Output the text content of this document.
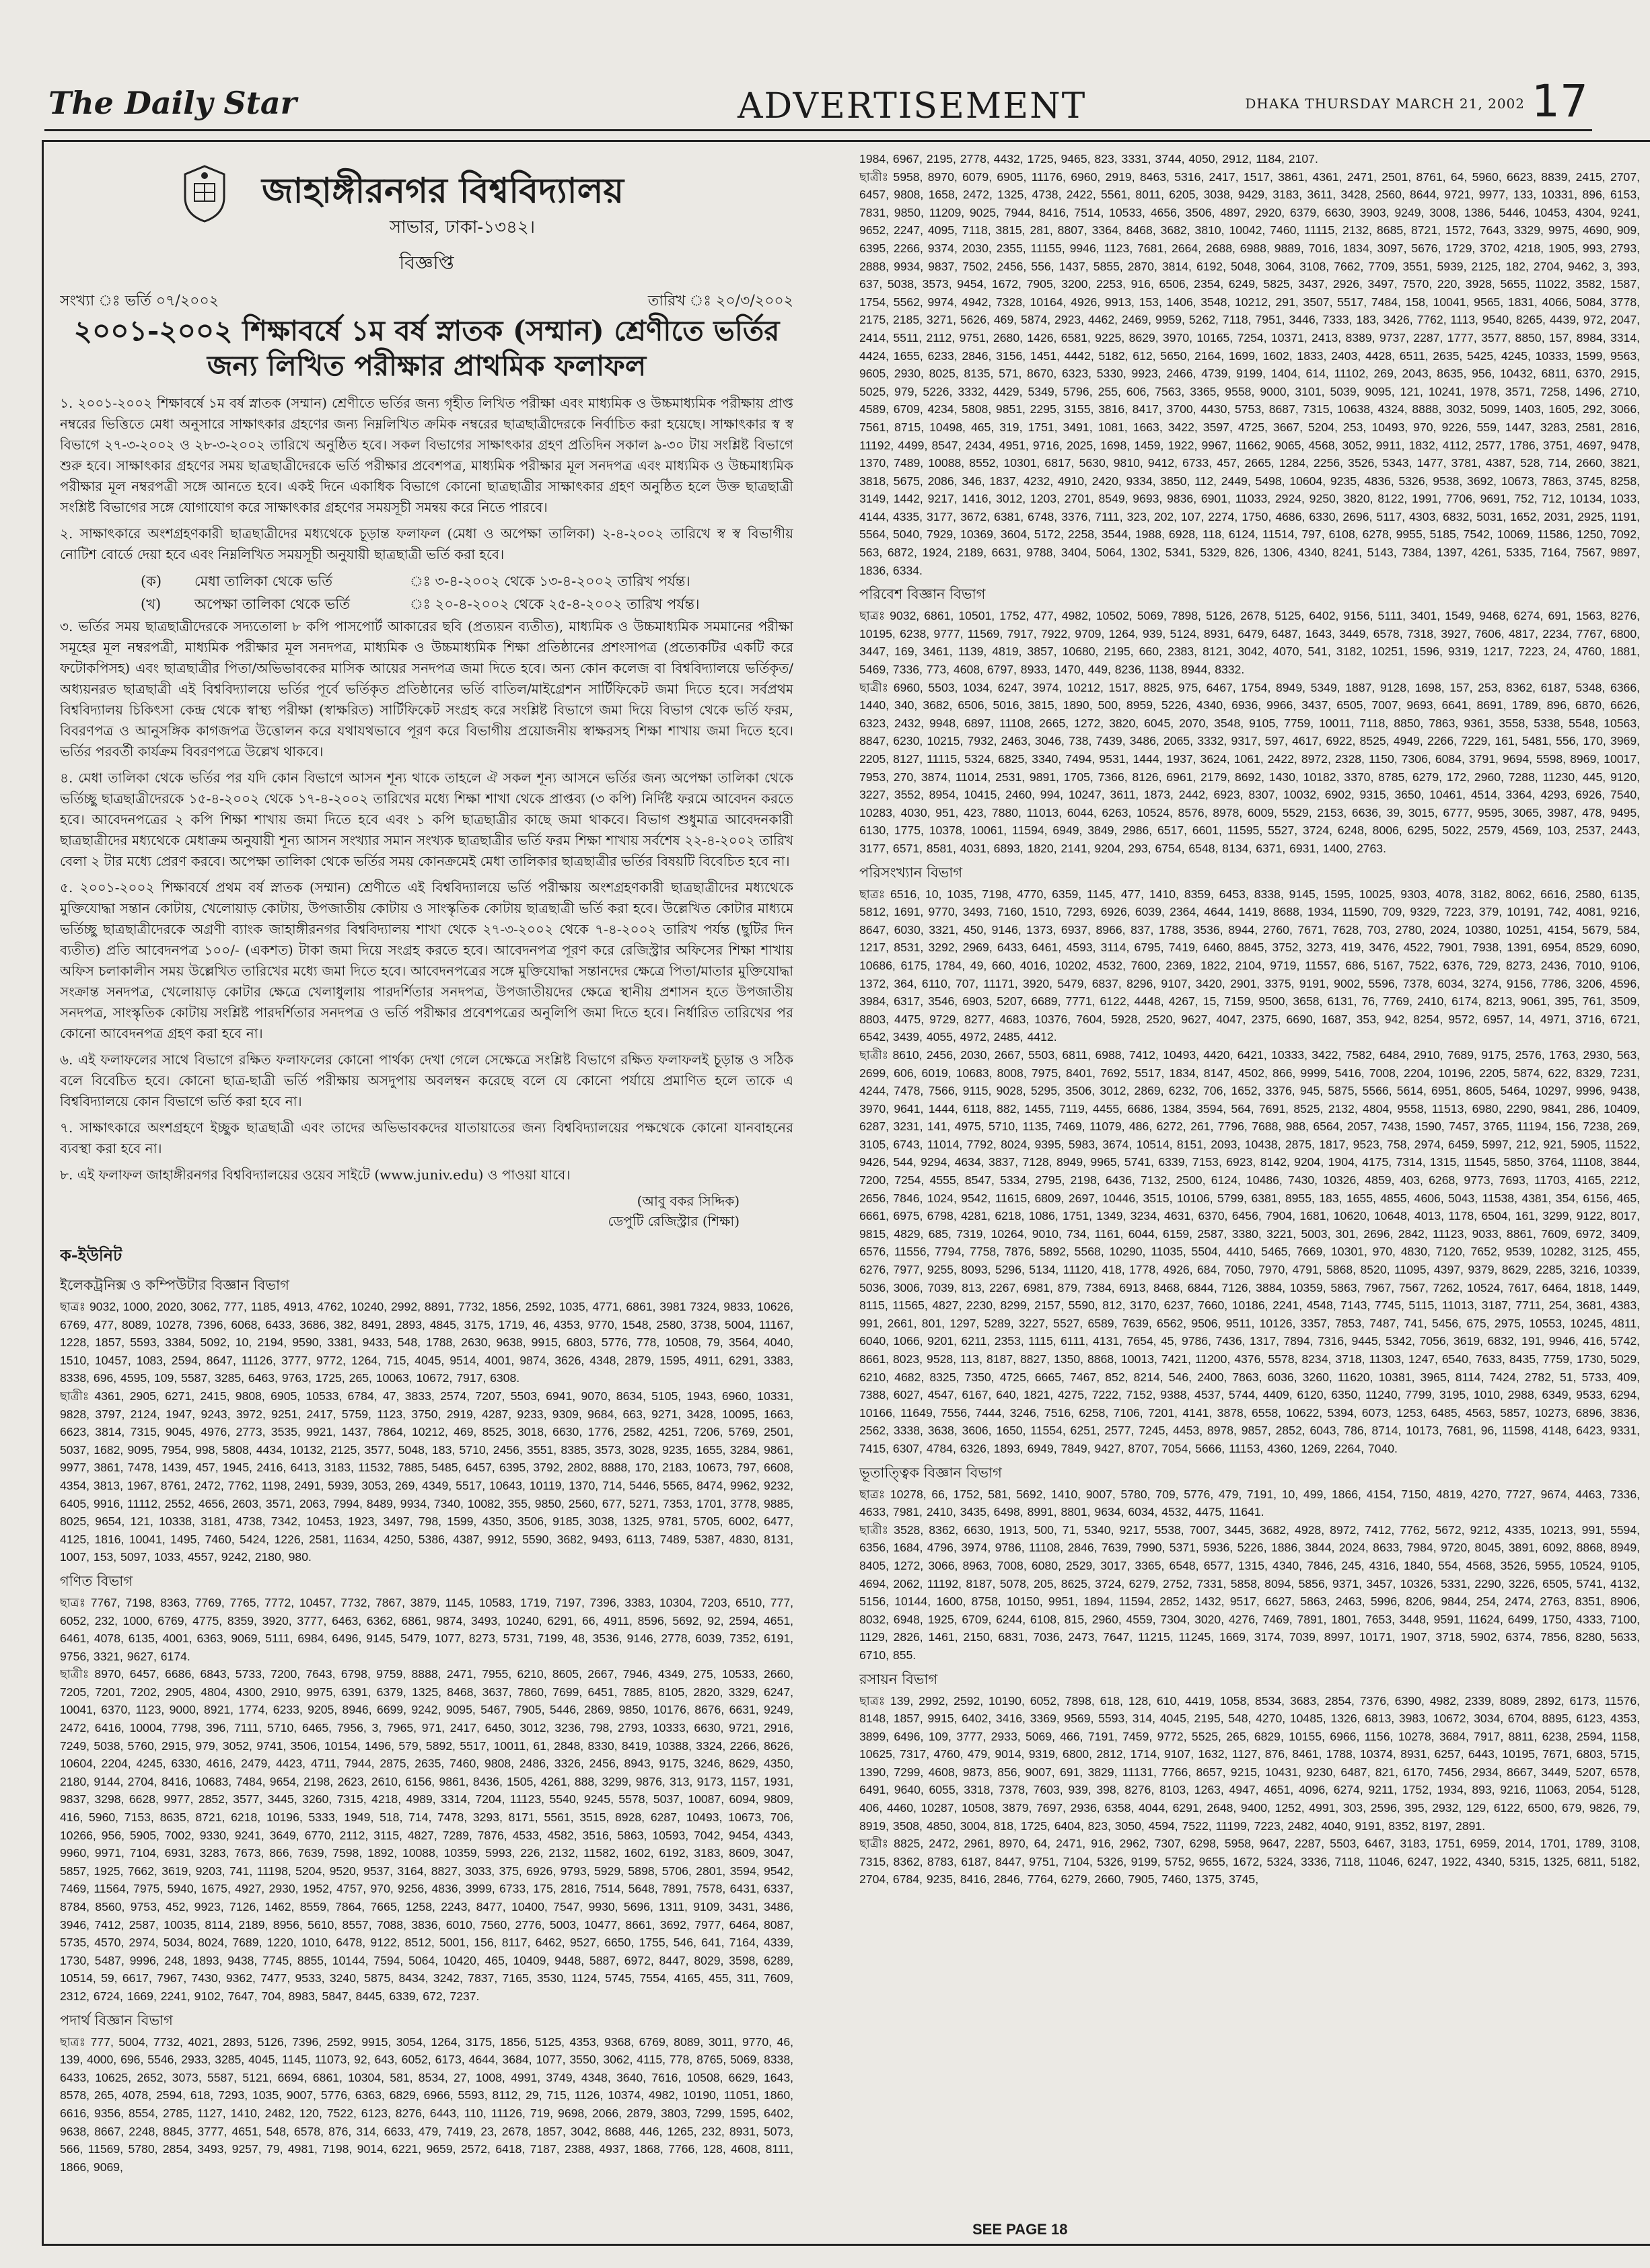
The Daily Star	ADVERTISEMENT	DHAKA THURSDAY MARCH 21, 2002 17
জাহাঙ্গীরনগর বিশ্ববিদ্যালয়
সাভার, ঢাকা-১৩৪২।
বিজ্ঞপ্তি
সংখ্যা ঃ ভর্তি ০৭/২০০২	তারিখ ঃ ২০/৩/২০০২
২০০১-২০০২ শিক্ষাবর্ষে ১ম বর্ষ স্নাতক (সম্মান) শ্রেণীতে ভর্তির জন্য লিখিত পরীক্ষার প্রাথমিক ফলাফল

১. ২০০১-২০০২ শিক্ষাবর্ষে ১ম বর্ষ স্নাতক (সম্মান) শ্রেণীতে ভর্তির জন্য গৃহীত লিখিত পরীক্ষা এবং মাধ্যমিক ও উচ্চমাধ্যমিক পরীক্ষায় প্রাপ্ত নম্বরের ভিত্তিতে মেধা অনুসারে সাক্ষাৎকার গ্রহণের জন্য নিম্নলিখিত ক্রমিক নম্বরের ছাত্রছাত্রীদেরকে নির্বাচিত করা হয়েছে। সাক্ষাৎকার স্ব স্ব বিভাগে ২৭-৩-২০০২ ও ২৮-৩-২০০২ তারিখে অনুষ্ঠিত হবে। সকল বিভাগের সাক্ষাৎকার গ্রহণ প্রতিদিন সকাল ৯-৩০ টায় সংশ্লিষ্ট বিভাগে শুরু হবে। সাক্ষাৎকার গ্রহণের সময় ছাত্রছাত্রীদেরকে ভর্তি পরীক্ষার প্রবেশপত্র, মাধ্যমিক পরীক্ষার মূল সনদপত্র এবং মাধ্যমিক ও উচ্চমাধ্যমিক পরীক্ষার মূল নম্বরপত্রী সঙ্গে আনতে হবে। একই দিনে একাধিক বিভাগে কোনো ছাত্রছাত্রীর সাক্ষাৎকার গ্রহণ অনুষ্ঠিত হলে উক্ত ছাত্রছাত্রী সংশ্লিষ্ট বিভাগের সঙ্গে যোগাযোগ করে সাক্ষাৎকার গ্রহণের সময়সূচী সমন্বয় করে নিতে পারবে।

২. সাক্ষাৎকারে অংশগ্রহণকারী ছাত্রছাত্রীদের মধ্যথেকে চূড়ান্ত ফলাফল (মেধা ও অপেক্ষা তালিকা) ২-৪-২০০২ তারিখে স্ব স্ব বিভাগীয় নোটিশ বোর্ডে দেয়া হবে এবং নিম্নলিখিত সময়সূচী অনুযায়ী ছাত্রছাত্রী ভর্তি করা হবে।

(ক) মেধা তালিকা থেকে ভর্তি	ঃ ৩-৪-২০০২ থেকে ১৩-৪-২০০২ তারিখ পর্যন্ত।
(খ) অপেক্ষা তালিকা থেকে ভর্তি	ঃ ২০-৪-২০০২ থেকে ২৫-৪-২০০২ তারিখ পর্যন্ত।

৩. ভর্তির সময় ছাত্রছাত্রীদেরকে সদ্যতোলা ৮ কপি পাসপোর্ট আকারের ছবি (প্রত্যয়ন ব্যতীত), মাধ্যমিক ও উচ্চমাধ্যমিক সমমানের পরীক্ষা সমূহের মূল নম্বরপত্রী, মাধ্যমিক পরীক্ষার মূল সনদপত্র, মাধ্যমিক ও উচ্চমাধ্যমিক শিক্ষা প্রতিষ্ঠানের প্রশংসাপত্র (প্রত্যেকটির একটি করে ফটোকপিসহ) এবং ছাত্রছাত্রীর পিতা/অভিভাবকের মাসিক আয়ের সনদপত্র জমা দিতে হবে। অন্য কোন কলেজ বা বিশ্ববিদ্যালয়ে ভর্তিকৃত/অধ্যয়নরত ছাত্রছাত্রী এই বিশ্ববিদ্যালয়ে ভর্তির পূর্বে ভর্তিকৃত প্রতিষ্ঠানের ভর্তি বাতিল/মাইগ্রেশন সার্টিফিকেট জমা দিতে হবে। সর্বপ্রথম বিশ্ববিদ্যালয় চিকিৎসা কেন্দ্র থেকে স্বাস্থ্য পরীক্ষা (স্বাক্ষরিত) সার্টিফিকেট সংগ্রহ করে সংশ্লিষ্ট বিভাগে জমা দিয়ে বিভাগ থেকে ভর্তি ফরম, বিবরণপত্র ও আনুসঙ্গিক কাগজপত্র উত্তোলন করে যথাযথভাবে পূরণ করে বিভাগীয় প্রয়োজনীয় স্বাক্ষরসহ শিক্ষা শাখায় জমা দিতে হবে। ভর্তির পরবর্তী কার্যক্রম বিবরণপত্রে উল্লেখ থাকবে।

৪. মেধা তালিকা থেকে ভর্তির পর যদি কোন বিভাগে আসন শূন্য থাকে তাহলে ঐ সকল শূন্য আসনে ভর্তির জন্য অপেক্ষা তালিকা থেকে ভর্তিচ্ছু ছাত্রছাত্রীদেরকে ১৫-৪-২০০২ থেকে ১৭-৪-২০০২ তারিখের মধ্যে শিক্ষা শাখা থেকে প্রাপ্তব্য (৩ কপি) নির্দিষ্ট ফরমে আবেদন করতে হবে। আবেদনপত্রের ২ কপি শিক্ষা শাখায় জমা দিতে হবে এবং ১ কপি ছাত্রছাত্রীর কাছে জমা থাকবে। বিভাগ শুধুমাত্র আবেদনকারী ছাত্রছাত্রীদের মধ্যথেকে মেধাক্রম অনুযায়ী শূন্য আসন সংখ্যার সমান সংখ্যক ছাত্রছাত্রীর ভর্তি ফরম শিক্ষা শাখায় সর্বশেষ ২২-৪-২০০২ তারিখ বেলা ২ টার মধ্যে প্রেরণ করবে। অপেক্ষা তালিকা থেকে ভর্তির সময় কোনক্রমেই মেধা তালিকার ছাত্রছাত্রীর ভর্তির বিষয়টি বিবেচিত হবে না।

৫. ২০০১-২০০২ শিক্ষাবর্ষে প্রথম বর্ষ স্নাতক (সম্মান) শ্রেণীতে এই বিশ্ববিদ্যালয়ে ভর্তি পরীক্ষায় অংশগ্রহণকারী ছাত্রছাত্রীদের মধ্যথেকে মুক্তিযোদ্ধা সন্তান কোটায়, খেলোয়াড় কোটায়, উপজাতীয় কোটায় ও সাংস্কৃতিক কোটায় ছাত্রছাত্রী ভর্তি করা হবে। উল্লেখিত কোটার মাধ্যমে ভর্তিচ্ছু ছাত্রছাত্রীদেরকে অগ্রণী ব্যাংক জাহাঙ্গীরনগর বিশ্ববিদ্যালয় শাখা থেকে ২৭-৩-২০০২ থেকে ৭-৪-২০০২ তারিখ পর্যন্ত (ছুটির দিন ব্যতীত) প্রতি আবেদনপত্র ১০০/- (একশত) টাকা জমা দিয়ে সংগ্রহ করতে হবে। আবেদনপত্র পূরণ করে রেজিস্ট্রার অফিসের শিক্ষা শাখায় অফিস চলাকালীন সময় উল্লেখিত তারিখের মধ্যে জমা দিতে হবে। আবেদনপত্রের সঙ্গে মুক্তিযোদ্ধা সন্তানদের ক্ষেত্রে পিতা/মাতার মুক্তিযোদ্ধা সংক্রান্ত সনদপত্র, খেলোয়াড় কোটার ক্ষেত্রে খেলাধুলায় পারদর্শিতার সনদপত্র, উপজাতীয়দের ক্ষেত্রে স্থানীয় প্রশাসন হতে উপজাতীয় সনদপত্র, সাংস্কৃতিক কোটায় সংশ্লিষ্ট পারদর্শিতার সনদপত্র ও ভর্তি পরীক্ষার প্রবেশপত্রের অনুলিপি জমা দিতে হবে। নির্ধারিত তারিখের পর কোনো আবেদনপত্র গ্রহণ করা হবে না।

৬. এই ফলাফলের সাথে বিভাগে রক্ষিত ফলাফলের কোনো পার্থক্য দেখা গেলে সেক্ষেত্রে সংশ্লিষ্ট বিভাগে রক্ষিত ফলাফলই চূড়ান্ত ও সঠিক বলে বিবেচিত হবে। কোনো ছাত্র-ছাত্রী ভর্তি পরীক্ষায় অসদুপায় অবলম্বন করেছে বলে যে কোনো পর্যায়ে প্রমাণিত হলে তাকে এ বিশ্ববিদ্যালয়ে কোন বিভাগে ভর্তি করা হবে না।

৭. সাক্ষাৎকারে অংশগ্রহণে ইচ্ছুক ছাত্রছাত্রী এবং তাদের অভিভাবকদের যাতায়াতের জন্য বিশ্ববিদ্যালয়ের পক্ষথেকে কোনো যানবাহনের ব্যবস্থা করা হবে না।

৮. এই ফলাফল জাহাঙ্গীরনগর বিশ্ববিদ্যালয়ের ওয়েব সাইটে (www.juniv.edu) ও পাওয়া যাবে।

(আবু বকর সিদ্দিক)
ডেপুটি রেজিস্ট্রার (শিক্ষা)
ক-ইউনিট
ইলেকট্রনিক্স ও কম্পিউটার বিজ্ঞান বিভাগ
ছাত্রঃ 9032, 1000, 2020, 3062, 777, 1185, 4913, 4762, 10240, 2992, 8891, 7732, 1856, 2592, 1035, 4771, 6861, 3981 7324, 9833, 10626, 6769, 477, 8089, 10278, 7396, 6068, 6433, 3686, 382, 8491, 2893, 4845, 3175, 1719, 46, 4353, 9770, 1548, 2580, 3738, 5004, 11167, 1228, 1857, 5593, 3384, 5092, 10, 2194, 9590, 3381, 9433, 548, 1788, 2630, 9638, 9915, 6803, 5776, 778, 10508, 79, 3564, 4040, 1510, 10457, 1083, 2594, 8647, 11126, 3777, 9772, 1264, 715, 4045, 9514, 4001, 9874, 3626, 4348, 2879, 1595, 4911, 6291, 3383, 8338, 696, 4595, 109, 5587, 3285, 6463, 9763, 1725, 265, 10063, 10672, 7917, 6308.
ছাত্রীঃ 4361, 2905, 6271, 2415, 9808, 6905, 10533, 6784, 47, 3833, 2574, 7207, 5503, 6941, 9070, 8634, 5105, 1943, 6960, 10331, 9828, 3797, 2124, 1947, 9243, 3972, 9251, 2417, 5759, 1123, 3750, 2919, 4287, 9233, 9309, 9684, 663, 9271, 3428, 10095, 1663, 6623, 3814, 7315, 9045, 4976, 2773, 3535, 9921, 1437, 7864, 10212, 469, 8525, 3018, 6630, 1776, 2582, 4251, 7206, 5769, 2501, 5037, 1682, 9095, 7954, 998, 5808, 4434, 10132, 2125, 3577, 5048, 183, 5710, 2456, 3551, 8385, 3573, 3028, 9235, 1655, 3284, 9861, 9977, 3861, 7478, 1439, 457, 1945, 2416, 6413, 3183, 11532, 7885, 5485, 6457, 6395, 3792, 2802, 8888, 170, 2183, 10673, 797, 6608, 4354, 3813, 1967, 8761, 2472, 7762, 1198, 2491, 5939, 3053, 269, 4349, 5517, 10643, 10119, 1370, 714, 5446, 5565, 8474, 9962, 9232, 6405, 9916, 11112, 2552, 4656, 2603, 3571, 2063, 7994, 8489, 9934, 7340, 10082, 355, 9850, 2560, 677, 5271, 7353, 1701, 3778, 9885, 8025, 9654, 121, 10338, 3181, 4738, 7342, 10453, 1923, 3497, 798, 1599, 4350, 3506, 9185, 3038, 1325, 9781, 5705, 6002, 6477, 4125, 1816, 10041, 1495, 7460, 5424, 1226, 2581, 11634, 4250, 5386, 4387, 9912, 5590, 3682, 9493, 6113, 7489, 5387, 4830, 8131, 1007, 153, 5097, 1033, 4557, 9242, 2180, 980.
গণিত বিভাগ
ছাত্রঃ 7767, 7198, 8363, 7769, 7765, 7772, 10457, 7732, 7867, 3879, 1145, 10583, 1719, 7197, 7396, 3383, 10304, 7203, 6510, 777, 6052, 232, 1000, 6769, 4775, 8359, 3920, 3777, 6463, 6362, 6861, 9874, 3493, 10240, 6291, 66, 4911, 8596, 5692, 92, 2594, 4651, 6461, 4078, 6135, 4001, 6363, 9069, 5111, 6984, 6496, 9145, 5479, 1077, 8273, 5731, 7199, 48, 3536, 9146, 2778, 6039, 7352, 6191, 9756, 3321, 9627, 6174.
ছাত্রীঃ 8970, 6457, 6686, 6843, 5733, 7200, 7643, 6798, 9759, 8888, 2471, 7955, 6210, 8605, 2667, 7946, 4349, 275, 10533, 2660, 7205, 7201, 7202, 2905, 4804, 4300, 2910, 9975, 6391, 6379, 1325, 8468, 3637, 7860, 7699, 6451, 7885, 8105, 2820, 3329, 6247, 10041, 6370, 1123, 9000, 8921, 1774, 6233, 9205, 8946, 6699, 9242, 9095, 5467, 7905, 5446, 2869, 9850, 10176, 8676, 6631, 9249, 2472, 6416, 10004, 7798, 396, 7111, 5710, 6465, 7956, 3, 7965, 971, 2417, 6450, 3012, 3236, 798, 2793, 10333, 6630, 9721, 2916, 7249, 5038, 5760, 2915, 979, 3052, 9741, 3506, 10154, 1496, 579, 5892, 5517, 10011, 61, 2848, 8330, 8419, 10388, 3324, 2266, 8626, 10604, 2204, 4245, 6330, 4616, 2479, 4423, 4711, 7944, 2875, 2635, 7460, 9808, 2486, 3326, 2456, 8943, 9175, 3246, 8629, 4350, 2180, 9144, 2704, 8416, 10683, 7484, 9654, 2198, 2623, 2610, 6156, 9861, 8436, 1505, 4261, 888, 3299, 9876, 313, 9173, 1157, 1931, 9837, 3298, 6628, 9977, 2852, 3577, 3445, 3260, 7315, 4218, 4989, 3314, 7204, 11123, 5540, 9245, 5578, 5037, 10087, 6094, 9809, 416, 5960, 7153, 8635, 8721, 6218, 10196, 5333, 1949, 518, 714, 7478, 3293, 8171, 5561, 3515, 8928, 6287, 10493, 10673, 706, 10266, 956, 5905, 7002, 9330, 9241, 3649, 6770, 2112, 3115, 4827, 7289, 7876, 4533, 4582, 3516, 5863, 10593, 7042, 9454, 4343, 9960, 9971, 7104, 6931, 3283, 7673, 866, 7639, 7598, 1892, 10088, 10359, 5993, 226, 2132, 11582, 1602, 6192, 3183, 8609, 3047, 5857, 1925, 7662, 3619, 9203, 741, 11198, 5204, 9520, 9537, 3164, 8827, 3033, 375, 6926, 9793, 5929, 5898, 5706, 2801, 3594, 9542, 7469, 11564, 7975, 5940, 1675, 4927, 2930, 1952, 4757, 970, 9256, 4836, 3999, 6733, 175, 2816, 7514, 5648, 7891, 7578, 6431, 6337, 8784, 8560, 9753, 452, 9923, 7126, 1462, 8559, 7864, 7665, 1258, 2243, 8477, 10400, 7547, 9930, 5696, 1311, 9109, 3431, 3486, 3946, 7412, 2587, 10035, 8114, 2189, 8956, 5610, 8557, 7088, 3836, 6010, 7560, 2776, 5003, 10477, 8661, 3692, 7977, 6464, 8087, 5735, 4570, 2974, 5034, 8024, 7689, 1220, 1010, 6478, 9122, 8512, 5001, 156, 8117, 6462, 9527, 6650, 1755, 546, 641, 7164, 4339, 1730, 5487, 9996, 248, 1893, 9438, 7745, 8855, 10144, 7594, 5064, 10420, 465, 10409, 9448, 5887, 6972, 8447, 8029, 3598, 6289, 10514, 59, 6617, 7967, 7430, 9362, 7477, 9533, 3240, 5875, 8434, 3242, 7837, 7165, 3530, 1124, 5745, 7554, 4165, 455, 311, 7609, 2312, 6724, 1669, 2241, 9102, 7647, 704, 8983, 5847, 8445, 6339, 672, 7237.
পদার্থ বিজ্ঞান বিভাগ
ছাত্রঃ 777, 5004, 7732, 4021, 2893, 5126, 7396, 2592, 9915, 3054, 1264, 3175, 1856, 5125, 4353, 9368, 6769, 8089, 3011, 9770, 46, 139, 4000, 696, 5546, 2933, 3285, 4045, 1145, 11073, 92, 643, 6052, 6173, 4644, 3684, 1077, 3550, 3062, 4115, 778, 8765, 5069, 8338, 6433, 10625, 2652, 3073, 5587, 5121, 6694, 6861, 10304, 581, 8534, 27, 1008, 4991, 3749, 4348, 3640, 7616, 10508, 6629, 1643, 8578, 265, 4078, 2594, 618, 7293, 1035, 9007, 5776, 6363, 6829, 6966, 5593, 8112, 29, 715, 1126, 10374, 4982, 10190, 11051, 1860, 6616, 9356, 8554, 2785, 1127, 1410, 2482, 120, 7522, 6123, 8276, 6443, 110, 11126, 719, 9698, 2066, 2879, 3803, 7299, 1595, 6402, 9638, 8667, 2248, 8845, 3777, 4651, 548, 6578, 876, 314, 6633, 479, 7419, 23, 2678, 1857, 3042, 8688, 446, 1265, 232, 8931, 5073, 566, 11569, 5780, 2854, 3493, 9257, 79, 4981, 7198, 9014, 6221, 9659, 2572, 6418, 7187, 2388, 4937, 1868, 7766, 128, 4608, 8111, 1866, 9069,
1984, 6967, 2195, 2778, 4432, 1725, 9465, 823, 3331, 3744, 4050, 2912, 1184, 2107.
ছাত্রীঃ 5958, 8970, 6079, 6905, 11176, 6960, 2919, 8463, 5316, 2417, 1517, 3861, 4361, 2471, 2501, 8761, 64, 5960, 6623, 8839, 2415, 2707, 6457, 9808, 1658, 2472, 1325, 4738, 2422, 5561, 8011, 6205, 3038, 9429, 3183, 3611, 3428, 2560, 8644, 9721, 9977, 133, 10331, 896, 6153, 7831, 9850, 11209, 9025, 7944, 8416, 7514, 10533, 4656, 3506, 4897, 2920, 6379, 6630, 3903, 9249, 3008, 1386, 5446, 10453, 4304, 9241, 9652, 2247, 4095, 7118, 3815, 281, 8807, 3364, 8468, 3682, 3810, 10042, 7460, 11115, 2132, 8685, 8721, 1572, 7643, 3329, 9975, 4690, 909, 6395, 2266, 9374, 2030, 2355, 11155, 9946, 1123, 7681, 2664, 2688, 6988, 9889, 7016, 1834, 3097, 5676, 1729, 3702, 4218, 1905, 993, 2793, 2888, 9934, 9837, 7502, 2456, 556, 1437, 5855, 2870, 3814, 6192, 5048, 3064, 3108, 7662, 7709, 3551, 5939, 2125, 182, 2704, 9462, 3, 393, 637, 5038, 3573, 9454, 1672, 7905, 3200, 2253, 916, 6506, 2354, 6249, 5825, 3437, 2926, 3497, 7570, 220, 3928, 5655, 11022, 3582, 1587, 1754, 5562, 9974, 4942, 7328, 10164, 4926, 9913, 153, 1406, 3548, 10212, 291, 3507, 5517, 7484, 158, 10041, 9565, 1831, 4066, 5084, 3778, 2175, 2185, 3271, 5626, 469, 5874, 2923, 4462, 2469, 9959, 5262, 7118, 7951, 3446, 7333, 183, 3426, 7762, 1113, 9540, 8265, 4439, 972, 2047, 2414, 5511, 2112, 9751, 2680, 1426, 6581, 9225, 8629, 3970, 10165, 7254, 10371, 2413, 8389, 9737, 2287, 1777, 3577, 8850, 157, 8984, 3314, 4424, 1655, 6233, 2846, 3156, 1451, 4442, 5182, 612, 5650, 2164, 1699, 1602, 1833, 2403, 4428, 6511, 2635, 5425, 4245, 10333, 1599, 9563, 9605, 2930, 8025, 8135, 571, 8670, 6323, 5330, 9923, 2466, 4739, 9199, 1404, 614, 11102, 269, 2043, 8635, 956, 10432, 6811, 6370, 2915, 5025, 979, 5226, 3332, 4429, 5349, 5796, 255, 606, 7563, 3365, 9558, 9000, 3101, 5039, 9095, 121, 10241, 1978, 3571, 7258, 1496, 2710, 4589, 6709, 4234, 5808, 9851, 2295, 3155, 3816, 8417, 3700, 4430, 5753, 8687, 7315, 10638, 4324, 8888, 3032, 5099, 1403, 1605, 292, 3066, 7561, 8715, 10498, 465, 319, 1751, 3491, 1081, 1663, 3422, 3597, 4725, 3667, 5204, 253, 10493, 970, 9226, 559, 1447, 3283, 2581, 2816, 11192, 4499, 8547, 2434, 4951, 9716, 2025, 1698, 1459, 1922, 9967, 11662, 9065, 4568, 3052, 9911, 1832, 4112, 2577, 1786, 3751, 4697, 9478, 1370, 7489, 10088, 8552, 10301, 6817, 5630, 9810, 9412, 6733, 457, 2665, 1284, 2256, 3526, 5343, 1477, 3781, 4387, 528, 714, 2660, 3821, 3818, 5675, 2086, 346, 1837, 4232, 4910, 2420, 9334, 3850, 112, 2449, 5498, 10604, 9235, 4836, 5326, 9538, 3692, 10673, 7863, 3745, 8258, 3149, 1442, 9217, 1416, 3012, 1203, 2701, 8549, 9693, 9836, 6901, 11033, 2924, 9250, 3820, 8122, 1991, 7706, 9691, 752, 712, 10134, 1033, 4144, 4335, 3177, 3672, 6381, 6748, 3376, 7111, 323, 202, 107, 2274, 1750, 4686, 6330, 2696, 5117, 4303, 6832, 5031, 1652, 2031, 2925, 1191, 5564, 5040, 7929, 10369, 3604, 5172, 2258, 3544, 1988, 6928, 118, 6124, 11514, 797, 6108, 6278, 9955, 5185, 7542, 10069, 11586, 1250, 7092, 563, 6872, 1924, 2189, 6631, 9788, 3404, 5064, 1302, 5341, 5329, 826, 1306, 4340, 8241, 5143, 7384, 1397, 4261, 5335, 7164, 7567, 9897, 1836, 6334.
পরিবেশ বিজ্ঞান বিভাগ
ছাত্রঃ 9032, 6861, 10501, 1752, 477, 4982, 10502, 5069, 7898, 5126, 2678, 5125, 6402, 9156, 5111, 3401, 1549, 9468, 6274, 691, 1563, 8276, 10195, 6238, 9777, 11569, 7917, 7922, 9709, 1264, 939, 5124, 8931, 6479, 6487, 1643, 3449, 6578, 7318, 3927, 7606, 4817, 2234, 7767, 6800, 3447, 169, 3461, 1139, 4819, 3857, 10680, 2195, 660, 2383, 8121, 3042, 4070, 541, 3182, 10251, 1596, 9319, 1217, 7223, 24, 4760, 1881, 5469, 7336, 773, 4608, 6797, 8933, 1470, 449, 8236, 1138, 8944, 8332.
ছাত্রীঃ 6960, 5503, 1034, 6247, 3974, 10212, 1517, 8825, 975, 6467, 1754, 8949, 5349, 1887, 9128, 1698, 157, 253, 8362, 6187, 5348, 6366, 1440, 340, 3682, 6506, 5016, 3815, 1890, 500, 8959, 5226, 4340, 6936, 9966, 3437, 6505, 7007, 9693, 6641, 8691, 1789, 896, 6870, 6626, 6323, 2432, 9948, 6897, 11108, 2665, 1272, 3820, 6045, 2070, 3548, 9105, 7759, 10011, 7118, 8850, 7863, 9361, 3558, 5338, 5548, 10563, 8847, 6230, 10215, 7932, 2463, 3046, 738, 7439, 3486, 2065, 3332, 9317, 597, 4617, 6922, 8525, 4949, 2266, 7229, 161, 5481, 556, 170, 3969, 2205, 8127, 11115, 5324, 6825, 3340, 7494, 9531, 1444, 1937, 3624, 1061, 2422, 8972, 2328, 1150, 7306, 6084, 3791, 9694, 5598, 8969, 10017, 7953, 270, 3874, 11014, 2531, 9891, 1705, 7366, 8126, 6961, 2179, 8692, 1430, 10182, 3370, 8785, 6279, 172, 2960, 7288, 11230, 445, 9120, 3227, 3552, 8954, 10415, 2460, 994, 10247, 3611, 1873, 2442, 6923, 8307, 10032, 6902, 9315, 3650, 10461, 4514, 3364, 4293, 6926, 7540, 10283, 4030, 951, 423, 7880, 11013, 6044, 6263, 10524, 8576, 8978, 6009, 5529, 2153, 6636, 39, 3015, 6777, 9595, 3065, 3987, 478, 9495, 6130, 1775, 10378, 10061, 11594, 6949, 3849, 2986, 6517, 6601, 11595, 5527, 3724, 6248, 8006, 6295, 5022, 2579, 4569, 103, 2537, 2443, 3177, 6571, 8581, 4031, 6893, 1820, 2141, 9204, 293, 6754, 6548, 8134, 6371, 6931, 1400, 2763.
পরিসংখ্যান বিভাগ
ছাত্রঃ 6516, 10, 1035, 7198, 4770, 6359, 1145, 477, 1410, 8359, 6453, 8338, 9145, 1595, 10025, 9303, 4078, 3182, 8062, 6616, 2580, 6135, 5812, 1691, 9770, 3493, 7160, 1510, 7293, 6926, 6039, 2364, 4644, 1419, 8688, 1934, 11590, 709, 9329, 7223, 379, 10191, 742, 4081, 9216, 8647, 6030, 3321, 450, 9146, 1373, 6937, 8966, 837, 1788, 3536, 8944, 2760, 7671, 7628, 703, 2780, 2024, 10380, 10251, 4154, 5679, 584, 1217, 8531, 3292, 2969, 6433, 6461, 4593, 3114, 6795, 7419, 6460, 8845, 3752, 3273, 419, 3476, 4522, 7901, 7938, 1391, 6954, 8529, 6090, 10686, 6175, 1784, 49, 660, 4016, 10202, 4532, 7600, 2369, 1822, 2104, 9719, 11557, 686, 5167, 7522, 6376, 729, 8273, 2436, 7010, 9106, 1372, 364, 6110, 707, 11171, 3920, 5479, 6837, 8296, 9107, 3420, 2901, 3375, 9191, 9002, 5596, 7378, 6034, 3274, 9156, 7786, 3206, 4596, 3984, 6317, 3546, 6903, 5207, 6689, 7771, 6122, 4448, 4267, 15, 7159, 9500, 3658, 6131, 76, 7769, 2410, 6174, 8213, 9061, 395, 761, 3509, 8803, 4475, 9729, 8277, 4683, 10376, 7604, 5928, 2520, 9627, 4047, 2375, 6690, 1687, 353, 942, 8254, 9572, 6957, 14, 4971, 3716, 6721, 6542, 3439, 4055, 4972, 2485, 4412.
ছাত্রীঃ 8610, 2456, 2030, 2667, 5503, 6811, 6988, 7412, 10493, 4420, 6421, 10333, 3422, 7582, 6484, 2910, 7689, 9175, 2576, 1763, 2930, 563, 2699, 606, 6019, 10683, 8008, 7975, 8401, 7692, 5517, 1834, 8147, 4502, 866, 9999, 5416, 7008, 2204, 10196, 2205, 5874, 622, 8329, 7231, 4244, 7478, 7566, 9115, 9028, 5295, 3506, 3012, 2869, 6232, 706, 1652, 3376, 945, 5875, 5566, 5614, 6951, 8605, 5464, 10297, 9996, 9438, 3970, 9641, 1444, 6118, 882, 1455, 7119, 4455, 6686, 1384, 3594, 564, 7691, 8525, 2132, 4804, 9558, 11513, 6980, 2290, 9841, 286, 10409, 6287, 3231, 141, 4975, 5710, 1135, 7469, 11079, 486, 6272, 261, 7796, 7688, 988, 6564, 2057, 7438, 1590, 7457, 3765, 11194, 156, 7238, 269, 3105, 6743, 11014, 7792, 8024, 9395, 5983, 3674, 10514, 8151, 2093, 10438, 2875, 1817, 9523, 758, 2974, 6459, 5997, 212, 921, 5905, 11522, 9426, 544, 9294, 4634, 3837, 7128, 8949, 9965, 5741, 6339, 7153, 6923, 8142, 9204, 1904, 4175, 7314, 1315, 11545, 5850, 3764, 11108, 3844, 7200, 7254, 4555, 8547, 5334, 2795, 2198, 6436, 7132, 2500, 6124, 10486, 7430, 10326, 4859, 403, 6268, 9773, 7693, 11703, 4165, 2212, 2656, 7846, 1024, 9542, 11615, 6809, 2697, 10446, 3515, 10106, 5799, 6381, 8955, 183, 1655, 4855, 4606, 5043, 11538, 4381, 354, 6156, 465, 6661, 6975, 6798, 4281, 6218, 1086, 1751, 1349, 3234, 4631, 6370, 6456, 7904, 1681, 10620, 10648, 4013, 1178, 6504, 161, 3299, 9122, 8017, 9815, 4829, 685, 7319, 10264, 9010, 734, 1161, 6044, 6159, 2587, 3380, 3221, 5003, 301, 2696, 2842, 11123, 9033, 8861, 7609, 6972, 3409, 6576, 11556, 7794, 7758, 7876, 5892, 5568, 10290, 11035, 5504, 4410, 5465, 7669, 10301, 970, 4830, 7120, 7652, 9539, 10282, 3125, 455, 6276, 7977, 9255, 8093, 5296, 5134, 11120, 418, 1778, 4926, 684, 7050, 7970, 4791, 5868, 8520, 11095, 4397, 9379, 8629, 2285, 3216, 10339, 5036, 3006, 7039, 813, 2267, 6981, 879, 7384, 6913, 8468, 6844, 7126, 3884, 10359, 5863, 7967, 7567, 7262, 10524, 7617, 6464, 1818, 1449, 8115, 11565, 4827, 2230, 8299, 2157, 5590, 812, 3170, 6237, 7660, 10186, 2241, 4548, 7143, 7745, 5115, 11013, 3187, 7711, 254, 3681, 4383, 991, 2661, 801, 1297, 5289, 3227, 5527, 6589, 7639, 6562, 9506, 9511, 10126, 3357, 7853, 7487, 741, 5456, 675, 2975, 10553, 10245, 4811, 6040, 1066, 9201, 6211, 2353, 1115, 6111, 4131, 7654, 45, 9786, 7436, 1317, 7894, 7316, 9445, 5342, 7056, 3619, 6832, 191, 9946, 416, 5742, 8661, 8023, 9528, 113, 8187, 8827, 1350, 8868, 10013, 7421, 11200, 4376, 5578, 8234, 3718, 11303, 1247, 6540, 7633, 8435, 7759, 1730, 5029, 6210, 4682, 8325, 7350, 4725, 6665, 7467, 852, 8214, 546, 2400, 7863, 6036, 3260, 11620, 10381, 3965, 8114, 7424, 2782, 51, 5733, 409, 7388, 6027, 4547, 6167, 640, 1821, 4275, 7222, 7152, 9388, 4537, 5744, 4409, 6120, 6350, 11240, 7799, 3195, 1010, 2988, 6349, 9533, 6294, 10166, 11649, 7556, 7444, 3246, 7516, 6258, 7106, 7201, 4141, 3878, 6558, 10622, 5394, 6073, 1253, 6485, 4563, 5857, 10273, 6896, 3836, 2562, 3338, 3638, 3606, 1650, 11554, 6251, 2577, 7245, 4453, 8978, 9857, 2852, 6043, 786, 8714, 10173, 7681, 96, 11598, 4148, 6423, 9331, 7415, 6307, 4784, 6326, 1893, 6949, 7849, 9427, 8707, 7054, 5666, 11153, 4360, 1269, 2264, 7040.
ভূতাত্ত্বিক বিজ্ঞান বিভাগ
ছাত্রঃ 10278, 66, 1752, 581, 5692, 1410, 9007, 5780, 709, 5776, 479, 7191, 10, 499, 1866, 4154, 7150, 4819, 4270, 7727, 9674, 4463, 7336, 4633, 7981, 2410, 3435, 6498, 8991, 8801, 9634, 6034, 4532, 4475, 11641.
ছাত্রীঃ 3528, 8362, 6630, 1913, 500, 71, 5340, 9217, 5538, 7007, 3445, 3682, 4928, 8972, 7412, 7762, 5672, 9212, 4335, 10213, 991, 5594, 6356, 1684, 4796, 3974, 9786, 11108, 2846, 7639, 7990, 5371, 5936, 5226, 1886, 3844, 2024, 8633, 7984, 9720, 8045, 3891, 6092, 8868, 8949, 8405, 1272, 3066, 8963, 7008, 6080, 2529, 3017, 3365, 6548, 6577, 1315, 4340, 7846, 245, 4316, 1840, 554, 4568, 3526, 5955, 10524, 9105, 4694, 2062, 11192, 8187, 5078, 205, 8625, 3724, 6279, 2752, 7331, 5858, 8094, 5856, 9371, 3457, 10326, 5331, 2290, 3226, 6505, 5741, 4132, 5156, 10144, 1600, 8758, 10150, 9951, 1894, 11594, 2852, 1432, 9517, 6627, 5863, 2463, 5996, 8206, 9844, 254, 2474, 2763, 8351, 8906, 8032, 6948, 1925, 6709, 6244, 6108, 815, 2960, 4559, 7304, 3020, 4276, 7469, 7891, 1801, 7653, 3448, 9591, 11624, 6499, 1750, 4333, 7100, 1129, 2826, 1461, 2150, 6831, 7036, 2473, 7647, 11215, 11245, 1669, 3174, 7039, 8997, 10171, 1907, 3718, 5902, 6374, 7856, 8280, 5633, 6710, 855.
রসায়ন বিভাগ
ছাত্রঃ 139, 2992, 2592, 10190, 6052, 7898, 618, 128, 610, 4419, 1058, 8534, 3683, 2854, 7376, 6390, 4982, 2339, 8089, 2892, 6173, 11576, 8148, 1857, 9915, 6402, 3416, 3369, 9569, 5593, 314, 4045, 2195, 548, 4270, 10485, 1326, 6813, 3983, 10672, 3034, 6704, 8895, 6123, 4353, 3899, 6496, 109, 3777, 2933, 5069, 466, 7191, 7459, 9772, 5525, 265, 6829, 10155, 6966, 1156, 10278, 3684, 7917, 8811, 6238, 2594, 1158, 10625, 7317, 4760, 479, 9014, 9319, 6800, 2812, 1714, 9107, 1632, 1127, 876, 8461, 1788, 10374, 8931, 6257, 6443, 10195, 7671, 6803, 5715, 1390, 7299, 4608, 9873, 856, 9007, 691, 3829, 11131, 7766, 8657, 9215, 10431, 9230, 6487, 821, 6170, 7456, 2934, 8667, 3449, 5207, 6578, 6491, 9640, 6055, 3318, 7378, 7603, 939, 398, 8276, 8103, 1263, 4947, 4651, 4096, 6274, 9211, 1752, 1934, 893, 9216, 11063, 2054, 5128, 406, 4460, 10287, 10508, 3879, 7697, 2936, 6358, 4044, 6291, 2648, 9400, 1252, 4991, 303, 2596, 395, 2932, 129, 6122, 6500, 679, 9826, 79, 8919, 3508, 4850, 3004, 818, 1725, 6404, 823, 3050, 4594, 7522, 11199, 7223, 2482, 4040, 9191, 8352, 8197, 2891.
ছাত্রীঃ 8825, 2472, 2961, 8970, 64, 2471, 916, 2962, 7307, 6298, 5958, 9647, 2287, 5503, 6467, 3183, 1751, 6959, 2014, 1701, 1789, 3108, 7315, 8362, 8783, 6187, 8447, 9751, 7104, 5326, 9199, 5752, 9655, 1672, 5324, 3336, 7118, 11046, 6247, 1922, 4340, 5315, 1325, 6811, 5182, 2704, 6784, 9235, 8416, 2846, 7764, 6279, 2660, 7905, 7460, 1375, 3745,
SEE PAGE 18
